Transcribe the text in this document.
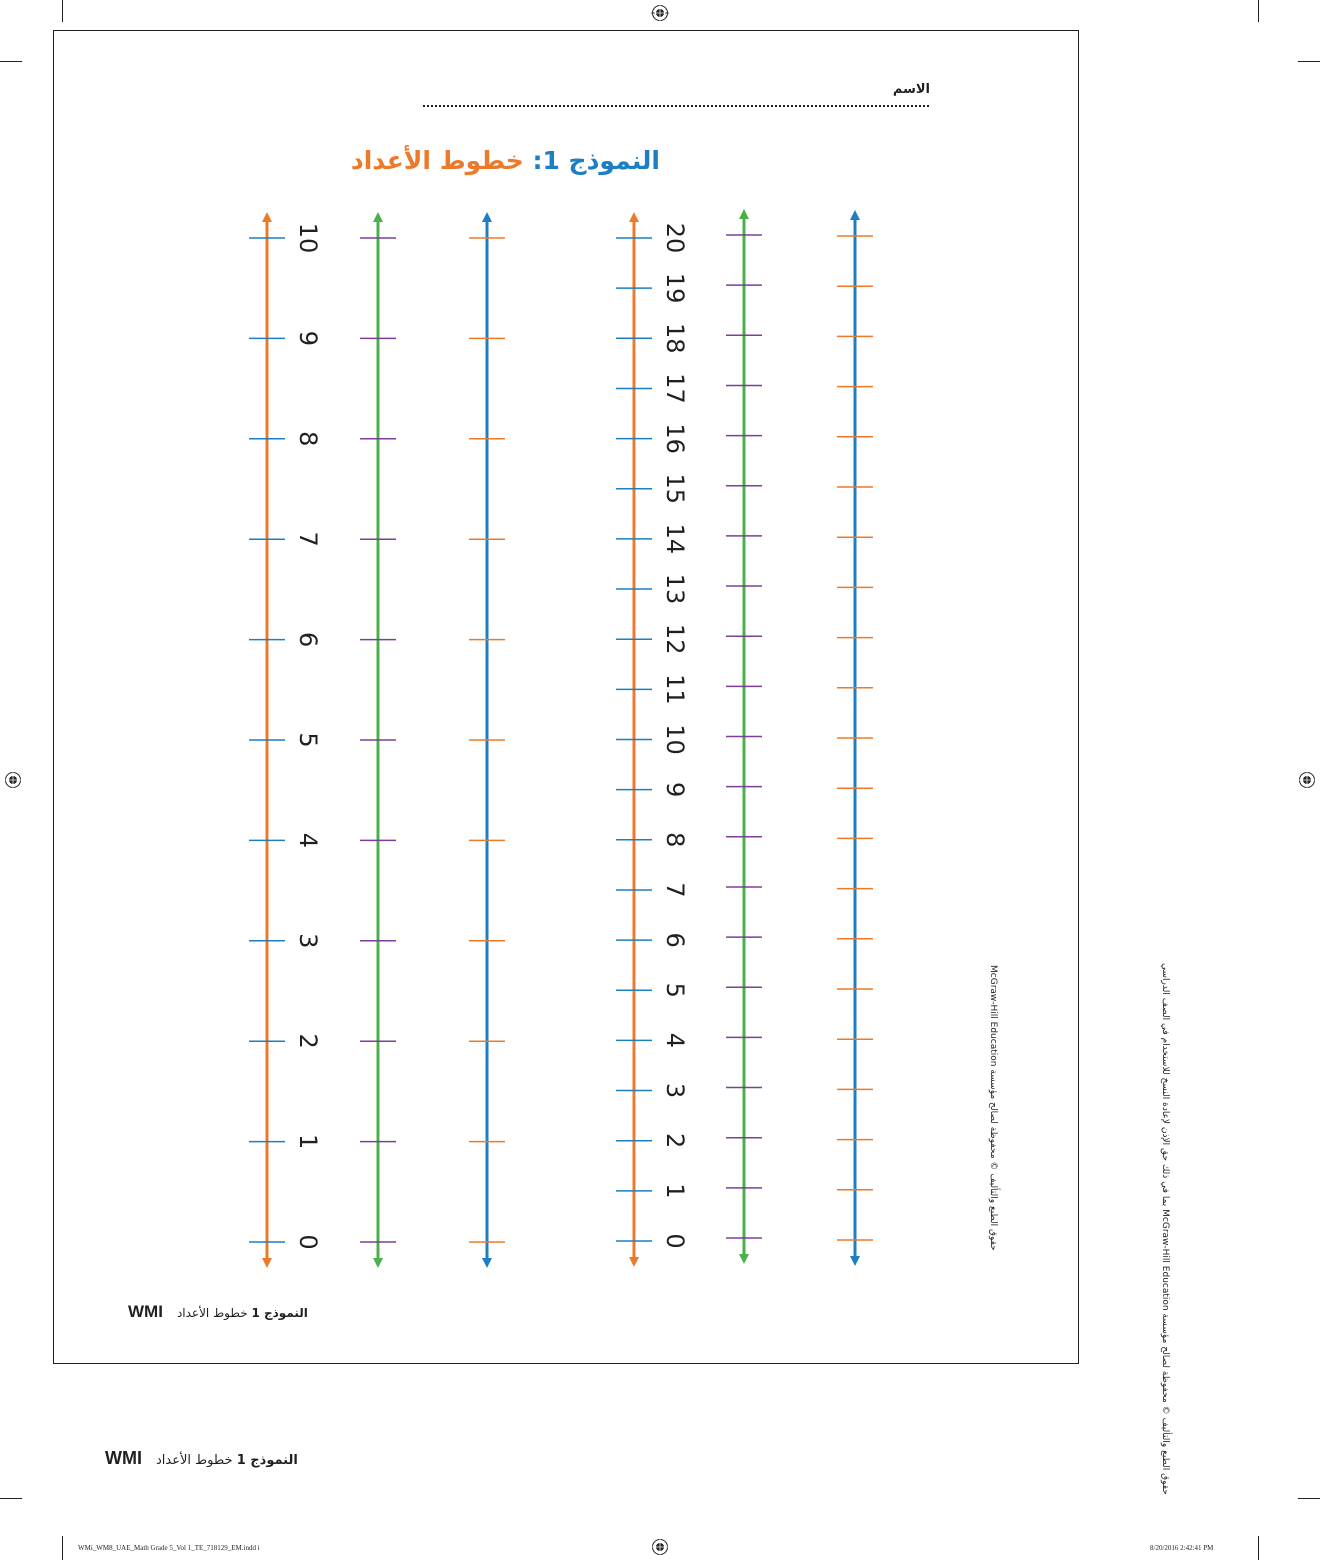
الاسم
النموذج 1: خطوط الأعداد
0
1
2
3
4
5
6
7
8
9
10
0
1
2
3
4
5
6
7
8
9
10
11
12
13
14
15
16
17
18
19
20
حقوق الطبع والتأليف © محفوظة لصالح مؤسسة McGraw-Hill Education	حقوق الطبع والتأليف © محفوظة لصالح مؤسسة McGraw-Hill Education بما في ذلك حق الإذن لإعادة النسخ للاستخدام في الصف الدراسي
WMI	النموذج 1 خطوط الأعداد
WMI	النموذج 1 خطوط الأعداد
WMi_WM8_UAE_Math Grade 5_Vol 1_TE_718129_EM.indd i	8/20/2016 2:42:41 PM
